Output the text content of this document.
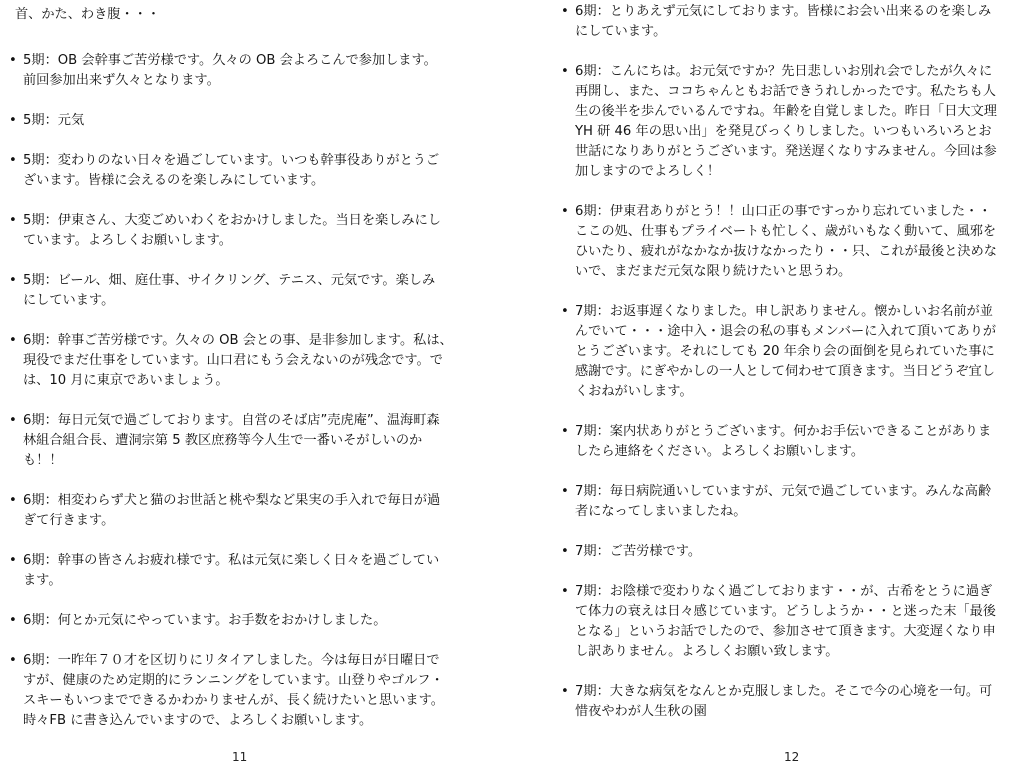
首、かた、わき腹・・・
• 5期：OB 会幹事ご苦労様です。久々の OB 会よろこんで参加します。
前回参加出来ず久々となります。
• 5期：元気
• 5期：変わりのない日々を過ごしています。いつも幹事役ありがとうご
ざいます。皆様に会えるのを楽しみにしています。
• 5期：伊東さん、大変ごめいわくをおかけしました。当日を楽しみにし
ています。よろしくお願いします。
• 5期：ビール、畑、庭仕事、サイクリング、テニス、元気です。楽しみ
にしています。
• 6期：幹事ご苦労様です。久々の OB 会との事、是非参加します。私は、
現役でまだ仕事をしています。山口君にもう会えないのが残念です。で
は、10 月に東京であいましょう。
• 6期：毎日元気で過ごしております。自営のそば店”売虎庵”、温海町森
林組合組合長、遭洞宗第 5 教区庶務等今人生で一番いそがしいのか
も！！
• 6期：相変わらず犬と猫のお世話と桃や梨など果実の手入れで毎日が過
ぎて行きます。
• 6期：幹事の皆さんお疲れ様です。私は元気に楽しく日々を過ごしてい
ます。
• 6期：何とか元気にやっています。お手数をおかけしました。
• 6期：一昨年７０才を区切りにリタイアしました。今は毎日が日曜日で
すが、健康のため定期的にランニングをしています。山登りやゴルフ・
スキーもいつまでできるかわかりませんが、長く続けたいと思います。
時々FB に書き込んでいますので、よろしくお願いします。
• 6期：とりあえず元気にしております。皆様にお会い出来るのを楽しみ
にしています。
• 6期：こんにちは。お元気ですか？先日悲しいお別れ会でしたが久々に
再開し、また、ココちゃんともお話できうれしかったです。私たちも人
生の後半を歩んでいるんですね。年齢を自覚しました。昨日「日大文理
YH 研 46 年の思い出」を発見びっくりしました。いつもいろいろとお
世話になりありがとうございます。発送遅くなりすみません。今回は参
加しますのでよろしく！
• 6期：伊東君ありがとう！！山口正の事ですっかり忘れていました・・
ここの処、仕事もプライベートも忙しく、歳がいもなく動いて、風邪を
ひいたり、疲れがなかなか抜けなかったり・・只、これが最後と決めな
いで、まだまだ元気な限り続けたいと思うわ。
• 7期：お返事遅くなりました。申し訳ありません。懐かしいお名前が並
んでいて・・・途中入・退会の私の事もメンバーに入れて頂いてありが
とうございます。それにしても 20 年余り会の面倒を見られていた事に
感謝です。にぎやかしの一人として伺わせて頂きます。当日どうぞ宜し
くおねがいします。
• 7期：案内状ありがとうございます。何かお手伝いできることがありま
したら連絡をください。よろしくお願いします。
• 7期：毎日病院通いしていますが、元気で過ごしています。みんな高齢
者になってしまいましたね。
• 7期：ご苦労様です。
• 7期：お陰様で変わりなく過ごしております・・が、古希をとうに過ぎ
て体力の衰えは日々感じています。どうしようか・・と迷った末「最後
となる」というお話でしたので、参加させて頂きます。大変遅くなり申
し訳ありません。よろしくお願い致します。
• 7期：大きな病気をなんとか克服しました。そこで今の心境を一句。可
惜夜やわが人生秋の園
11	12
